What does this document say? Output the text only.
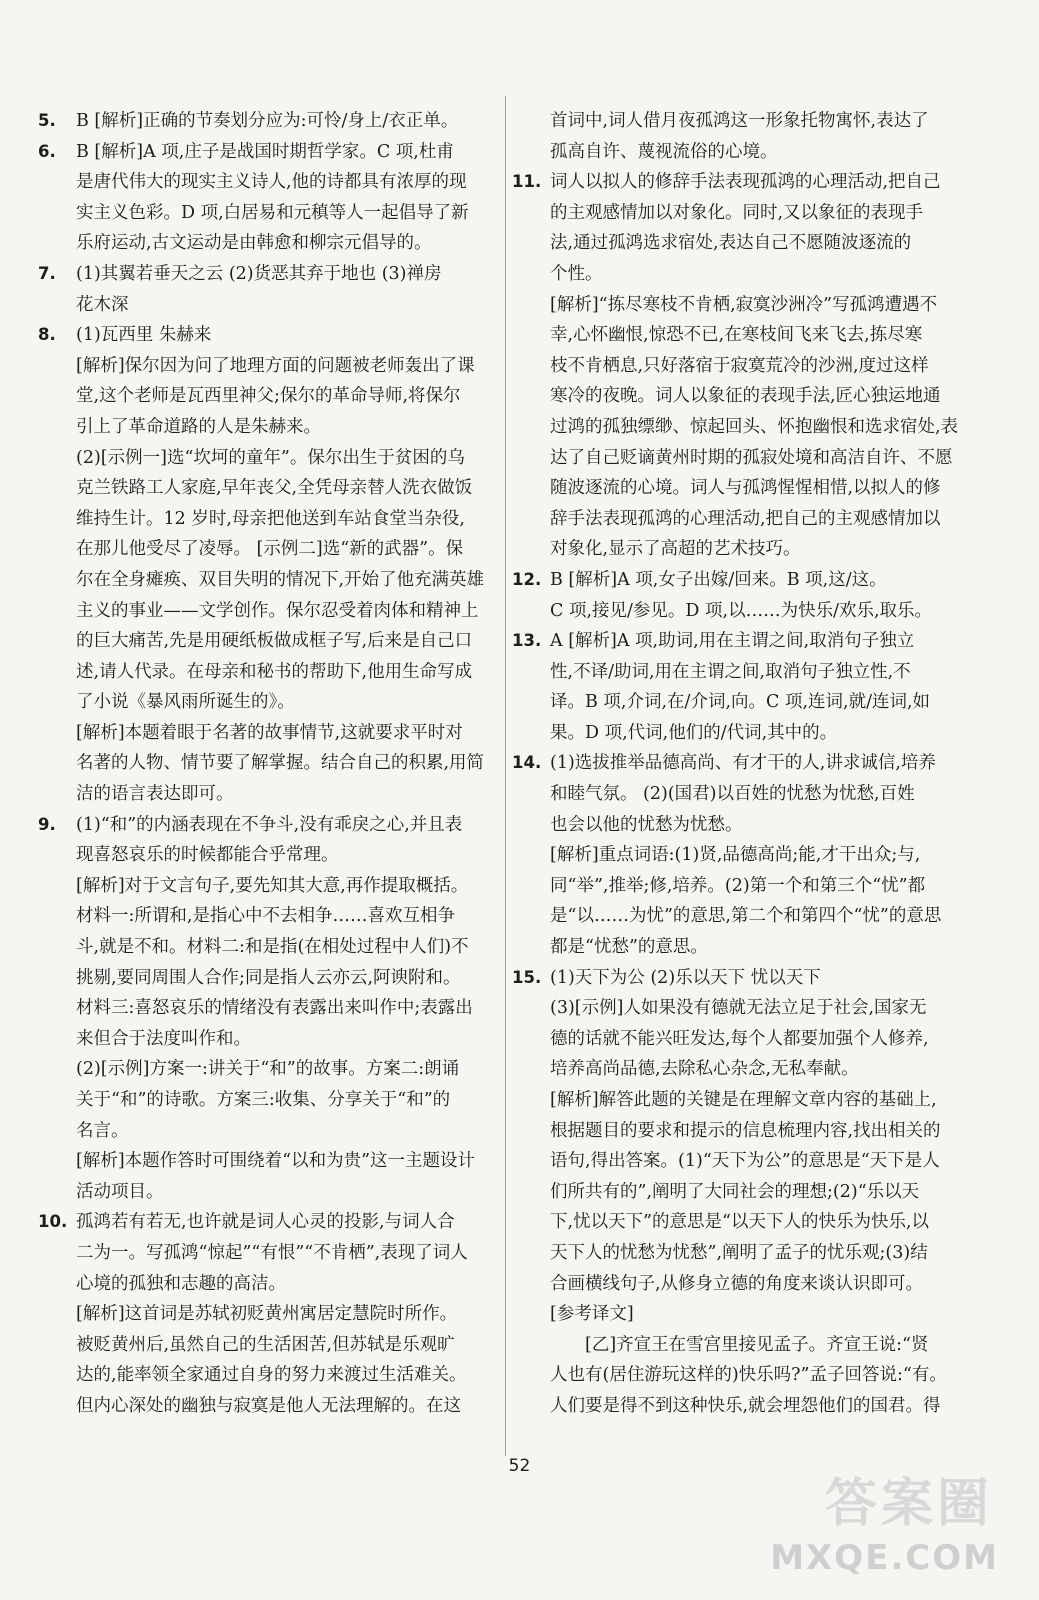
5. B [解析]正确的节奏划分应为:可怜/身上/衣正单。
6. B [解析]A 项,庄子是战国时期哲学家。C 项,杜甫
是唐代伟大的现实主义诗人,他的诗都具有浓厚的现
实主义色彩。D 项,白居易和元稹等人一起倡导了新
乐府运动,古文运动是由韩愈和柳宗元倡导的。
7. (1)其翼若垂天之云 (2)货恶其弃于地也 (3)禅房
花木深
8. (1)瓦西里 朱赫来
[解析]保尔因为问了地理方面的问题被老师轰出了课
堂,这个老师是瓦西里神父;保尔的革命导师,将保尔
引上了革命道路的人是朱赫来。
(2)[示例一]选“坎坷的童年”。保尔出生于贫困的乌
克兰铁路工人家庭,早年丧父,全凭母亲替人洗衣做饭
维持生计。12 岁时,母亲把他送到车站食堂当杂役,
在那儿他受尽了凌辱。 [示例二]选“新的武器”。保
尔在全身瘫痪、双目失明的情况下,开始了他充满英雄
主义的事业——文学创作。保尔忍受着肉体和精神上
的巨大痛苦,先是用硬纸板做成框子写,后来是自己口
述,请人代录。在母亲和秘书的帮助下,他用生命写成
了小说《暴风雨所诞生的》。
[解析]本题着眼于名著的故事情节,这就要求平时对
名著的人物、情节要了解掌握。结合自己的积累,用简
洁的语言表达即可。
9. (1)“和”的内涵表现在不争斗,没有乖戾之心,并且表
现喜怒哀乐的时候都能合乎常理。
[解析]对于文言句子,要先知其大意,再作提取概括。
材料一:所谓和,是指心中不去相争……喜欢互相争
斗,就是不和。材料二:和是指(在相处过程中人们)不
挑剔,要同周围人合作;同是指人云亦云,阿谀附和。
材料三:喜怒哀乐的情绪没有表露出来叫作中;表露出
来但合于法度叫作和。
(2)[示例]方案一:讲关于“和”的故事。方案二:朗诵
关于“和”的诗歌。方案三:收集、分享关于“和”的
名言。
[解析]本题作答时可围绕着“以和为贵”这一主题设计
活动项目。
10. 孤鸿若有若无,也许就是词人心灵的投影,与词人合
二为一。写孤鸿“惊起”“有恨”“不肯栖”,表现了词人
心境的孤独和志趣的高洁。
[解析]这首词是苏轼初贬黄州寓居定慧院时所作。
被贬黄州后,虽然自己的生活困苦,但苏轼是乐观旷
达的,能率领全家通过自身的努力来渡过生活难关。
但内心深处的幽独与寂寞是他人无法理解的。在这
首词中,词人借月夜孤鸿这一形象托物寓怀,表达了
孤高自许、蔑视流俗的心境。
11. 词人以拟人的修辞手法表现孤鸿的心理活动,把自己
的主观感情加以对象化。同时,又以象征的表现手
法,通过孤鸿选求宿处,表达自己不愿随波逐流的
个性。
[解析]“拣尽寒枝不肯栖,寂寞沙洲冷”写孤鸿遭遇不
幸,心怀幽恨,惊恐不已,在寒枝间飞来飞去,拣尽寒
枝不肯栖息,只好落宿于寂寞荒冷的沙洲,度过这样
寒冷的夜晚。词人以象征的表现手法,匠心独运地通
过鸿的孤独缥缈、惊起回头、怀抱幽恨和选求宿处,表
达了自己贬谪黄州时期的孤寂处境和高洁自许、不愿
随波逐流的心境。词人与孤鸿惺惺相惜,以拟人的修
辞手法表现孤鸿的心理活动,把自己的主观感情加以
对象化,显示了高超的艺术技巧。
12. B [解析]A 项,女子出嫁/回来。B 项,这/这。
C 项,接见/参见。D 项,以……为快乐/欢乐,取乐。
13. A [解析]A 项,助词,用在主谓之间,取消句子独立
性,不译/助词,用在主谓之间,取消句子独立性,不
译。B 项,介词,在/介词,向。C 项,连词,就/连词,如
果。D 项,代词,他们的/代词,其中的。
14. (1)选拔推举品德高尚、有才干的人,讲求诚信,培养
和睦气氛。 (2)(国君)以百姓的忧愁为忧愁,百姓
也会以他的忧愁为忧愁。
[解析]重点词语:(1)贤,品德高尚;能,才干出众;与,
同“举”,推举;修,培养。(2)第一个和第三个“忧”都
是“以……为忧”的意思,第二个和第四个“忧”的意思
都是“忧愁”的意思。
15. (1)天下为公 (2)乐以天下 忧以天下
(3)[示例]人如果没有德就无法立足于社会,国家无
德的话就不能兴旺发达,每个人都要加强个人修养,
培养高尚品德,去除私心杂念,无私奉献。
[解析]解答此题的关键是在理解文章内容的基础上,
根据题目的要求和提示的信息梳理内容,找出相关的
语句,得出答案。(1)“天下为公”的意思是“天下是人
们所共有的”,阐明了大同社会的理想;(2)“乐以天
下,忧以天下”的意思是“以天下人的快乐为快乐,以
天下人的忧愁为忧愁”,阐明了孟子的忧乐观;(3)结
合画横线句子,从修身立德的角度来谈认识即可。
[参考译文]
[乙]齐宣王在雪宫里接见孟子。齐宣王说:“贤
人也有(居住游玩这样的)快乐吗?”孟子回答说:“有。
人们要是得不到这种快乐,就会埋怨他们的国君。得
52
答案圈
MXQE.COM
